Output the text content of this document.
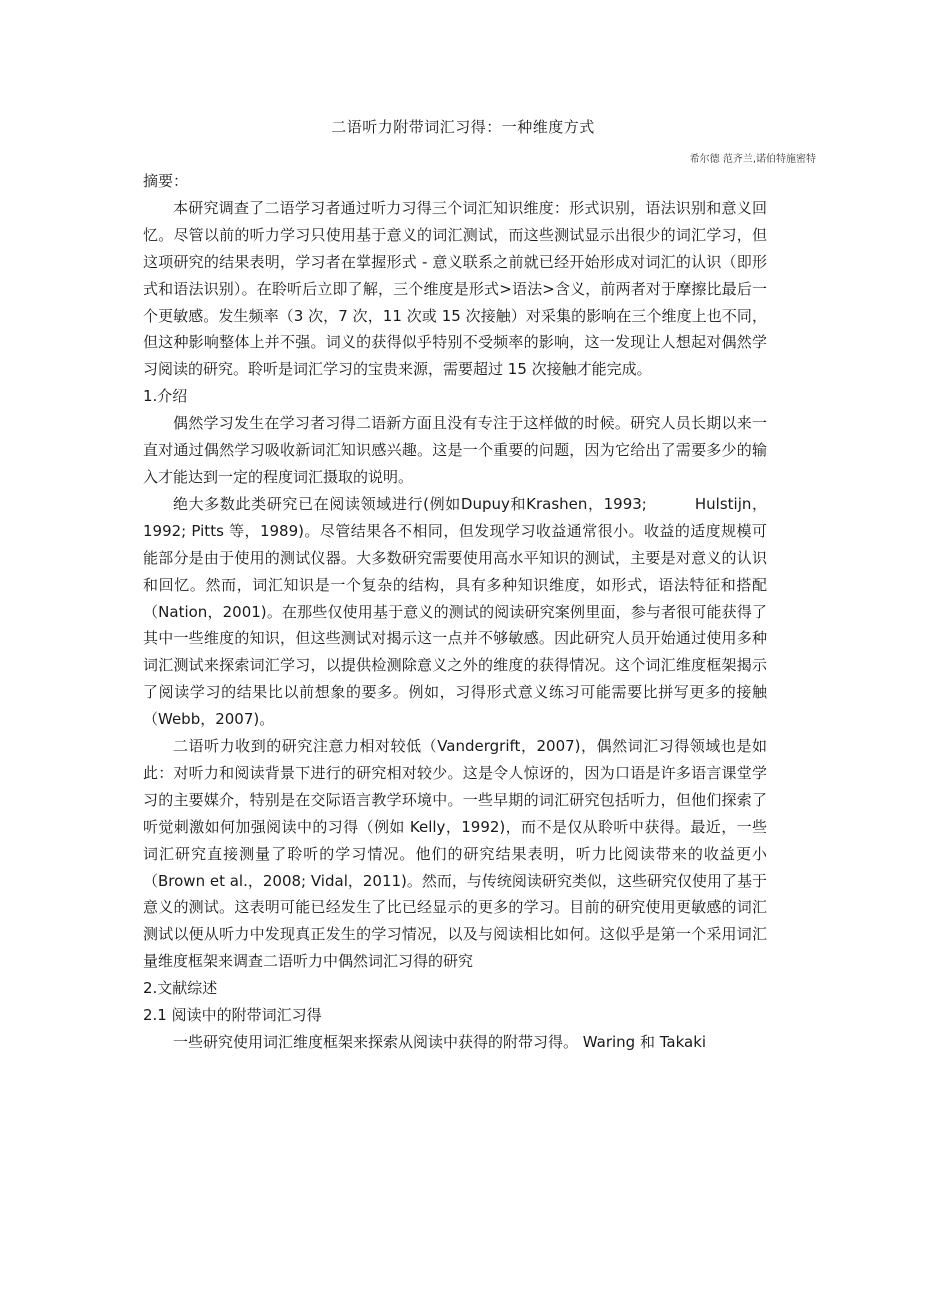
二语听力附带词汇习得：一种维度方式
希尔德 范齐兰,诺伯特施密特

摘要：

本研究调查了二语学习者通过听力习得三个词汇知识维度：形式识别，语法识别和意义回忆。尽管以前的听力学习只使用基于意义的词汇测试，而这些测试显示出很少的词汇学习，但这项研究的结果表明，学习者在掌握形式 - 意义联系之前就已经开始形成对词汇的认识（即形式和语法识别）。在聆听后立即了解，三个维度是形式>语法>含义，前两者对于摩擦比最后一个更敏感。发生频率（3 次，7 次，11 次或 15 次接触）对采集的影响在三个维度上也不同，但这种影响整体上并不强。词义的获得似乎特别不受频率的影响，这一发现让人想起对偶然学习阅读的研究。聆听是词汇学习的宝贵来源，需要超过 15 次接触才能完成。

1.介绍

偶然学习发生在学习者习得二语新方面且没有专注于这样做的时候。研究人员长期以来一直对通过偶然学习吸收新词汇知识感兴趣。这是一个重要的问题，因为它给出了需要多少的输入才能达到一定的程度词汇摄取的说明。

绝大多数此类研究已在阅读领域进行(例如Dupuy和Krashen，1993;	Hulstijn，1992; Pitts 等，1989)。尽管结果各不相同，但发现学习收益通常很小。收益的适度规模可能部分是由于使用的测试仪器。大多数研究需要使用高水平知识的测试，主要是对意义的认识和回忆。然而，词汇知识是一个复杂的结构，具有多种知识维度，如形式，语法特征和搭配（Nation，2001)。在那些仅使用基于意义的测试的阅读研究案例里面，参与者很可能获得了其中一些维度的知识，但这些测试对揭示这一点并不够敏感。因此研究人员开始通过使用多种词汇测试来探索词汇学习，以提供检测除意义之外的维度的获得情况。这个词汇维度框架揭示了阅读学习的结果比以前想象的要多。例如，习得形式意义练习可能需要比拼写更多的接触（Webb，2007)。

二语听力收到的研究注意力相对较低（Vandergrift，2007)，偶然词汇习得领域也是如此：对听力和阅读背景下进行的研究相对较少。这是令人惊讶的，因为口语是许多语言课堂学习的主要媒介，特别是在交际语言教学环境中。一些早期的词汇研究包括听力，但他们探索了听觉刺激如何加强阅读中的习得（例如 Kelly，1992)，而不是仅从聆听中获得。最近，一些词汇研究直接测量了聆听的学习情况。他们的研究结果表明，听力比阅读带来的收益更小（Brown et al.，2008; Vidal，2011)。然而，与传统阅读研究类似，这些研究仅使用了基于意义的测试。这表明可能已经发生了比已经显示的更多的学习。目前的研究使用更敏感的词汇测试以便从听力中发现真正发生的学习情况，以及与阅读相比如何。这似乎是第一个采用词汇量维度框架来调查二语听力中偶然词汇习得的研究

2.文献综述

2.1 阅读中的附带词汇习得

一些研究使用词汇维度框架来探索从阅读中获得的附带习得。 Waring 和 Takaki
